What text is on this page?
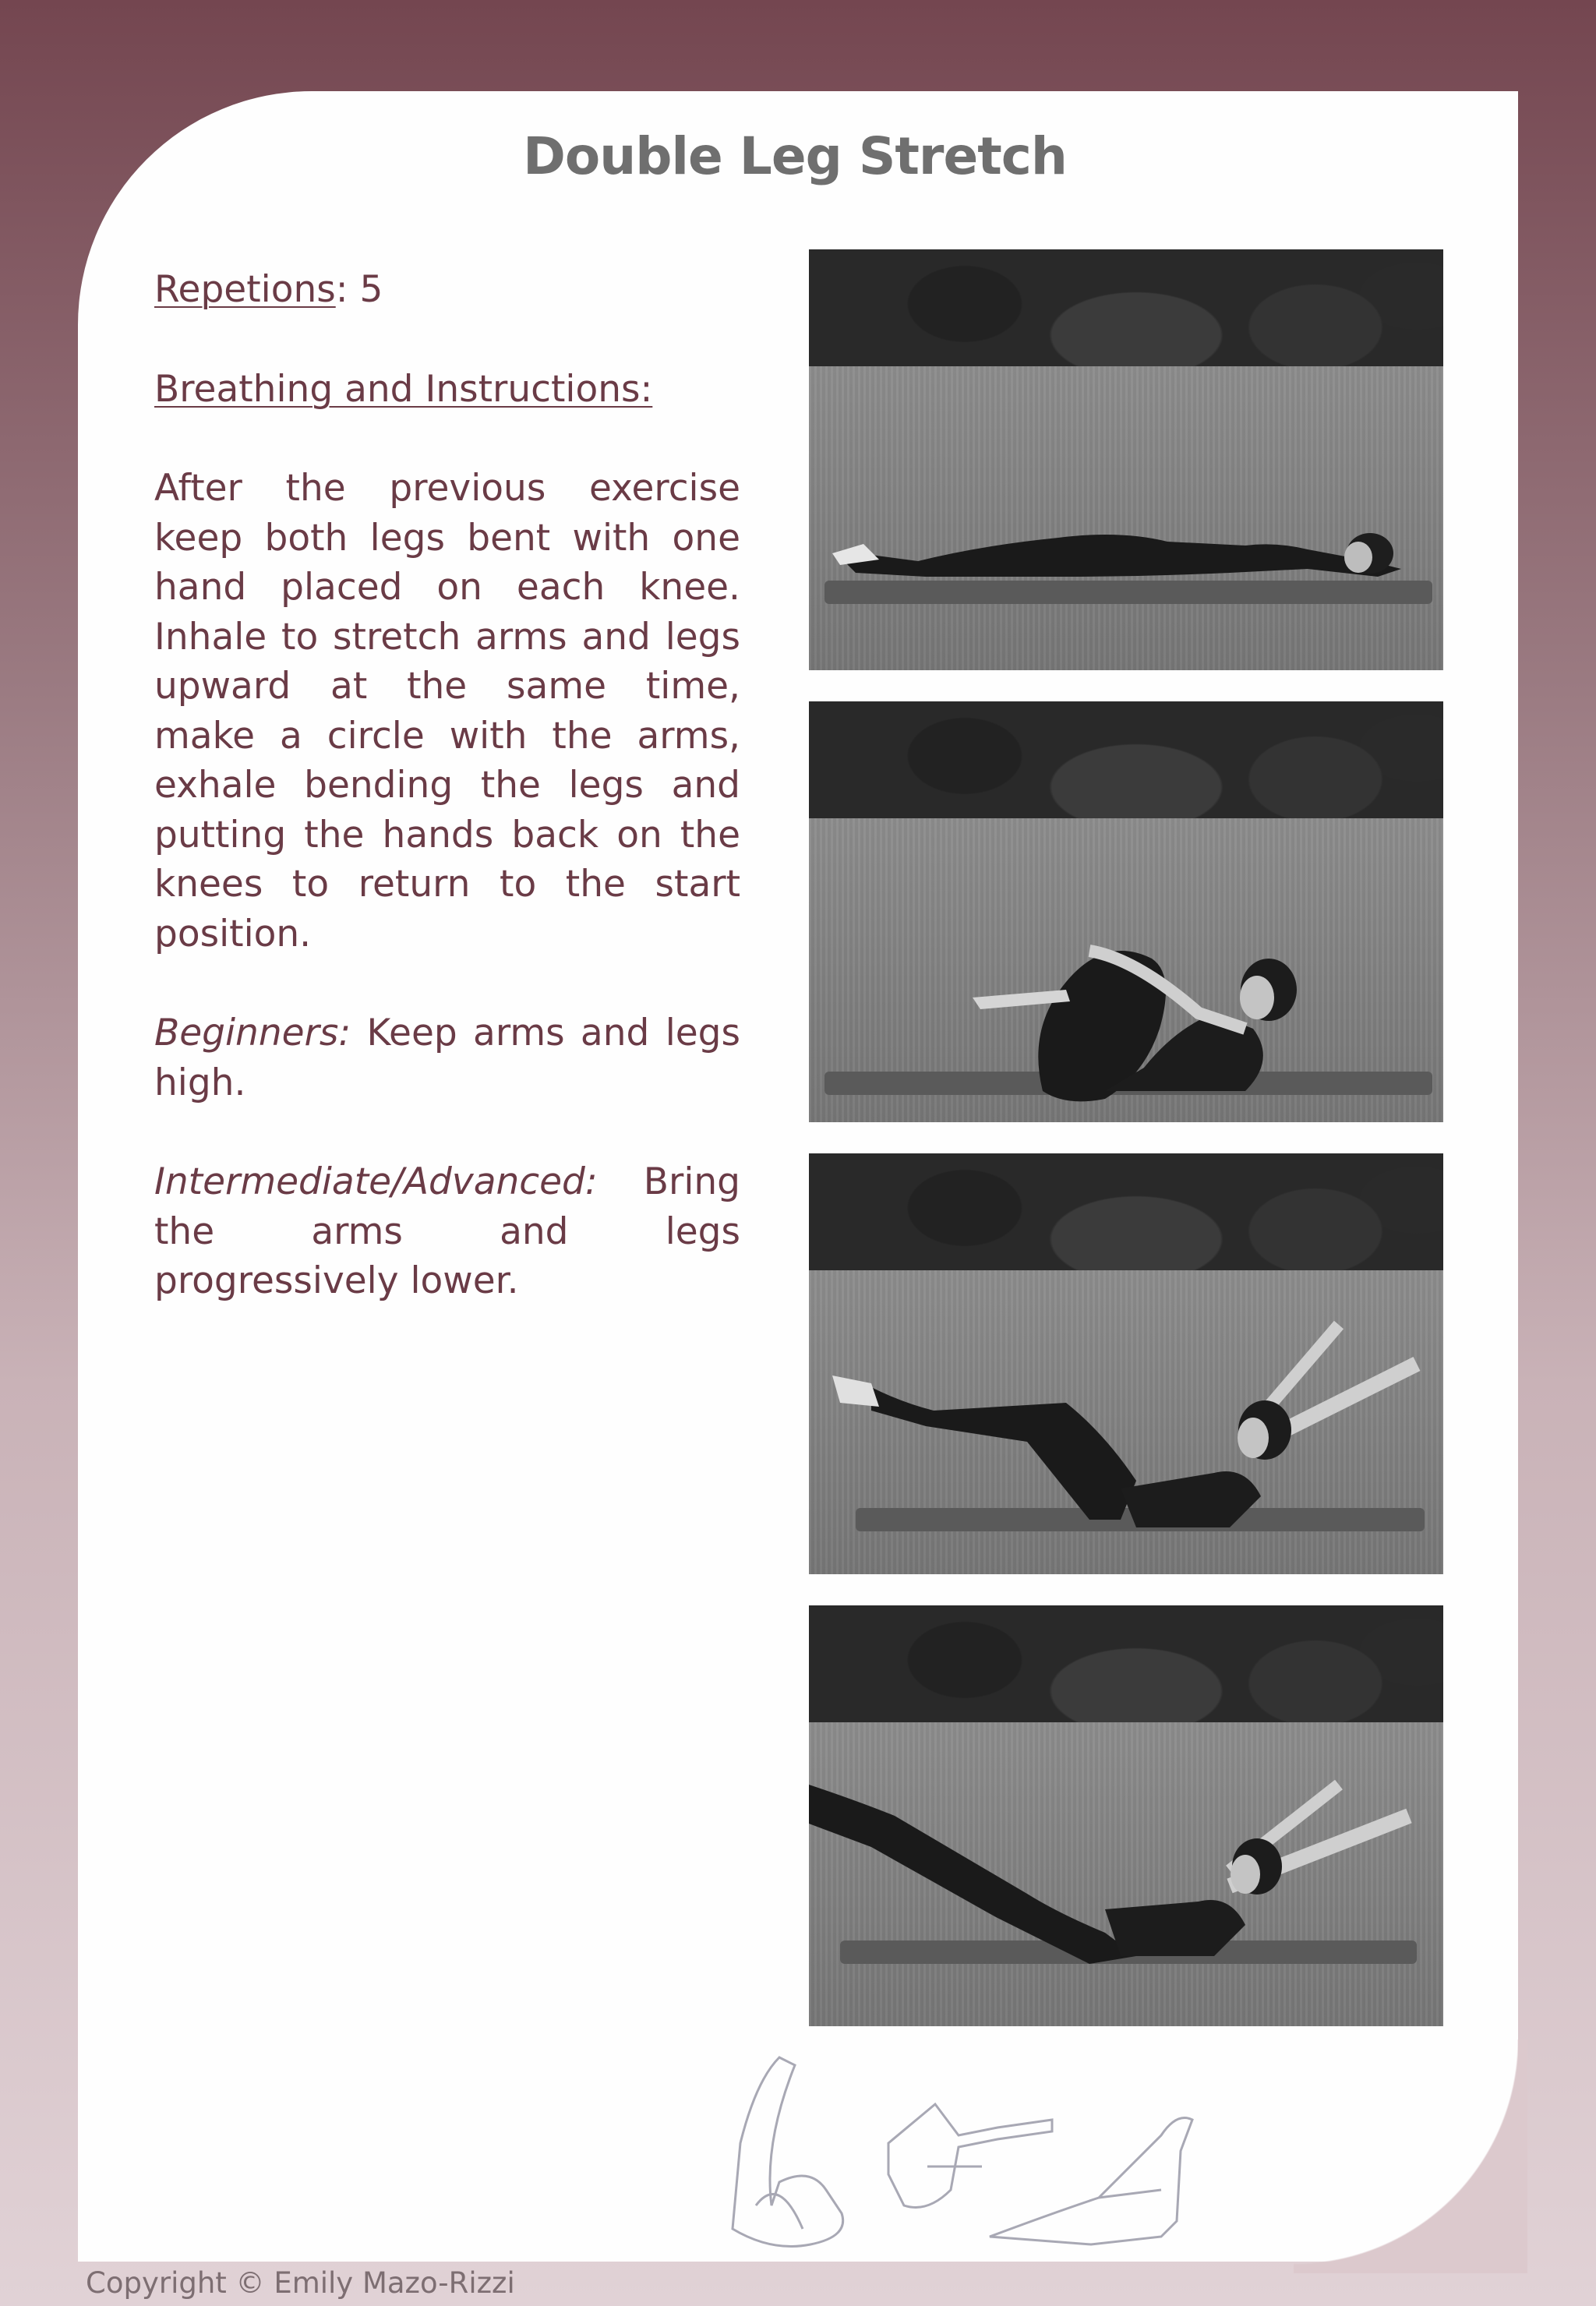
Double Leg Stretch

Repetions: 5

Breathing and Instructions:

After the previous exercise keep both legs bent with one hand placed on each knee. Inhale to stretch arms and legs upward at the same time, make a circle with the arms, exhale bending the legs and putting the hands back on the knees to return to the start position.

Beginners: Keep arms and legs high.

Intermediate/Advanced: Bring the arms and legs progressively lower.

Copyright © Emily Mazo-Rizzi
